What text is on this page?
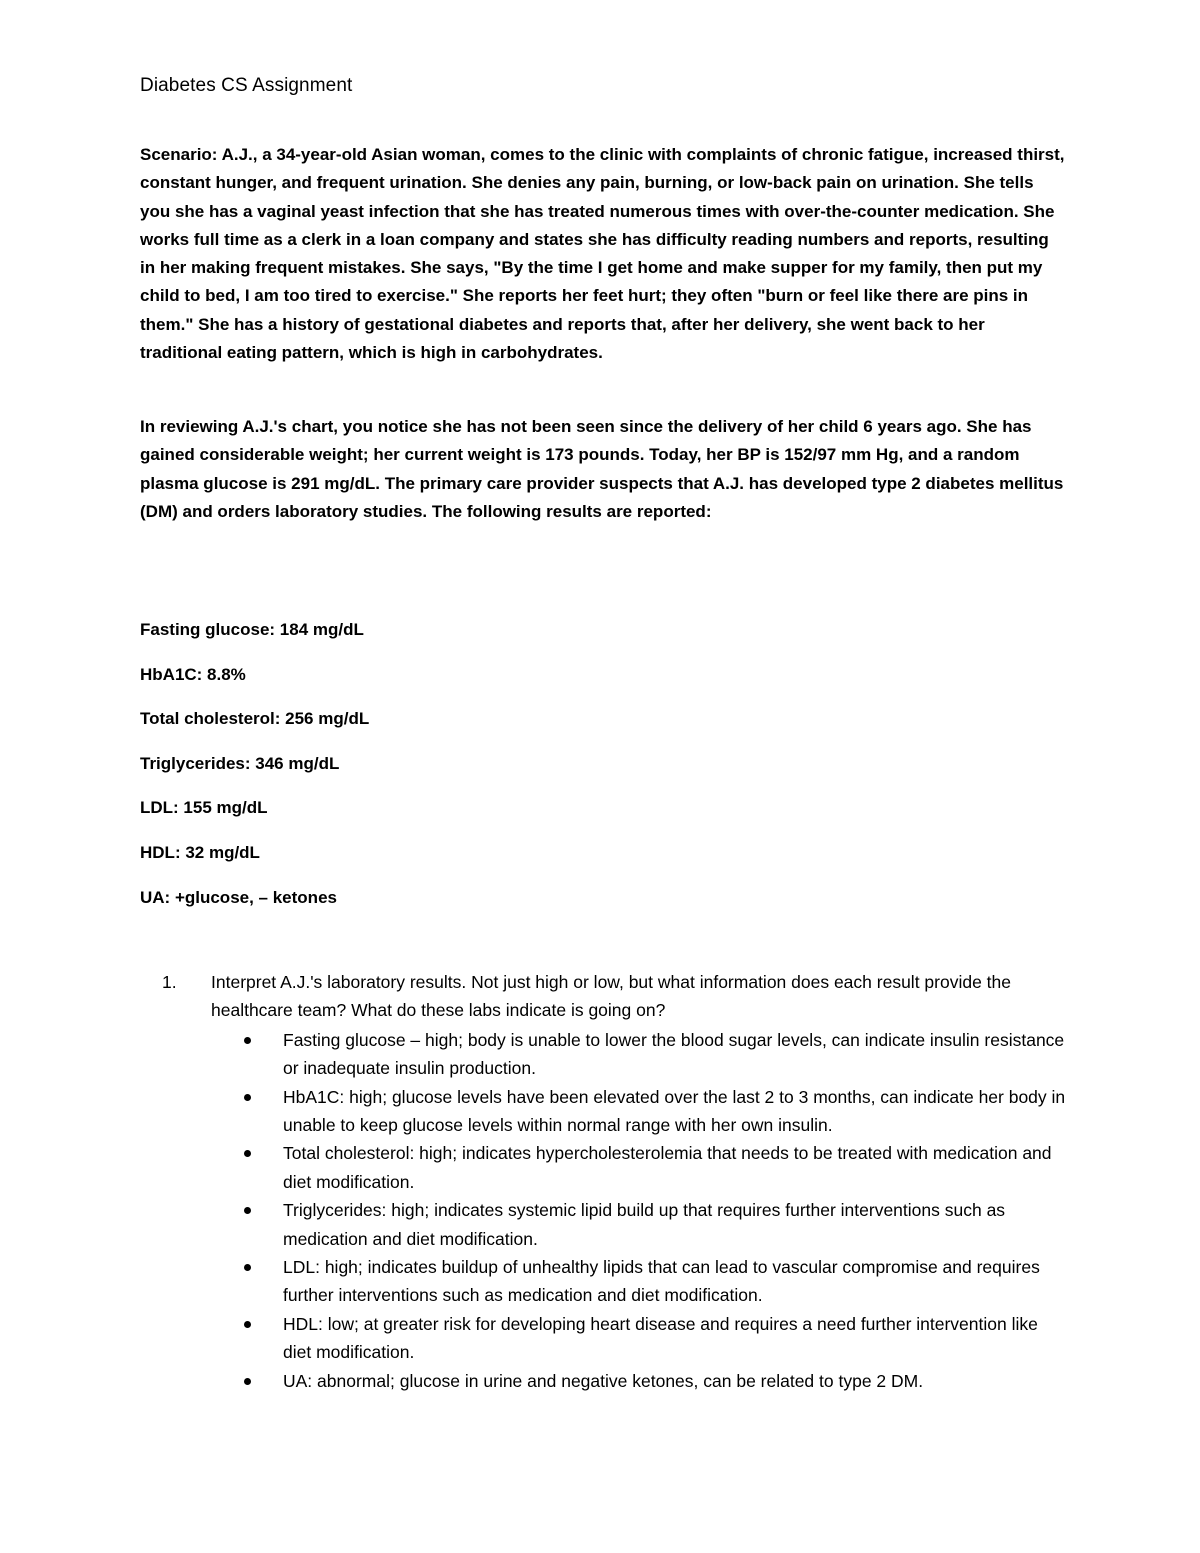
Diabetes CS Assignment

Scenario: A.J., a 34-year-old Asian woman, comes to the clinic with complaints of chronic fatigue, increased thirst, constant hunger, and frequent urination. She denies any pain, burning, or low-back pain on urination. She tells you she has a vaginal yeast infection that she has treated numerous times with over-the-counter medication. She works full time as a clerk in a loan company and states she has difficulty reading numbers and reports, resulting in her making frequent mistakes. She says, "By the time I get home and make supper for my family, then put my child to bed, I am too tired to exercise." She reports her feet hurt; they often "burn or feel like there are pins in them." She has a history of gestational diabetes and reports that, after her delivery, she went back to her traditional eating pattern, which is high in carbohydrates.

In reviewing A.J.'s chart, you notice she has not been seen since the delivery of her child 6 years ago. She has gained considerable weight; her current weight is 173 pounds. Today, her BP is 152/97 mm Hg, and a random plasma glucose is 291 mg/dL. The primary care provider suspects that A.J. has developed type 2 diabetes mellitus (DM) and orders laboratory studies. The following results are reported:

Fasting glucose: 184 mg/dL
HbA1C: 8.8%
Total cholesterol: 256 mg/dL
Triglycerides: 346 mg/dL
LDL: 155 mg/dL
HDL: 32 mg/dL
UA: +glucose, – ketones
1. Interpret A.J.'s laboratory results. Not just high or low, but what information does each result provide the healthcare team? What do these labs indicate is going on?
Fasting glucose – high; body is unable to lower the blood sugar levels, can indicate insulin resistance or inadequate insulin production.
HbA1C: high; glucose levels have been elevated over the last 2 to 3 months, can indicate her body in unable to keep glucose levels within normal range with her own insulin.
Total cholesterol: high; indicates hypercholesterolemia that needs to be treated with medication and diet modification.
Triglycerides: high; indicates systemic lipid build up that requires further interventions such as medication and diet modification.
LDL: high; indicates buildup of unhealthy lipids that can lead to vascular compromise and requires further interventions such as medication and diet modification.
HDL: low; at greater risk for developing heart disease and requires a need further intervention like diet modification.
UA: abnormal; glucose in urine and negative ketones, can be related to type 2 DM.
